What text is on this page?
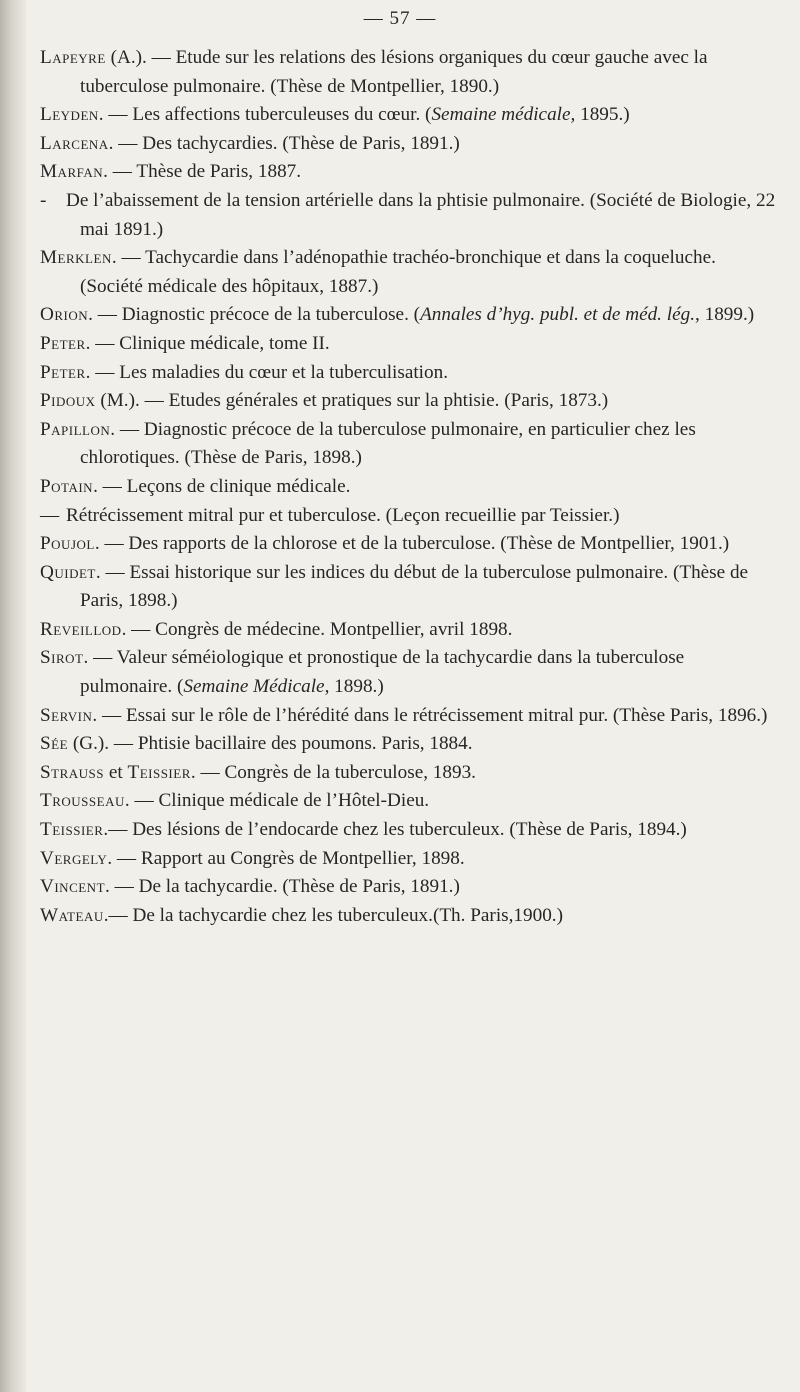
— 57 —
Lapeyre (A.). — Etude sur les relations des lésions organiques du cœur gauche avec la tuberculose pulmonaire. (Thèse de Montpellier, 1890.)
Leyden. — Les affections tuberculeuses du cœur. (Semaine médicale, 1895.)
Larcena. — Des tachycardies. (Thèse de Paris, 1891.)
Marfan. — Thèse de Paris, 1887.
- De l’abaissement de la tension artérielle dans la phtisie pulmonaire. (Société de Biologie, 22 mai 1891.)
Merklen. — Tachycardie dans l’adénopathie trachéo-bronchique et dans la coqueluche. (Société médicale des hôpitaux, 1887.)
Orion. — Diagnostic précoce de la tuberculose. (Annales d’hyg. publ. et de méd. lég., 1899.)
Peter. — Clinique médicale, tome II.
Peter. — Les maladies du cœur et la tuberculisation.
Pidoux (M.). — Etudes générales et pratiques sur la phtisie. (Paris, 1873.)
Papillon. — Diagnostic précoce de la tuberculose pulmonaire, en particulier chez les chlorotiques. (Thèse de Paris, 1898.)
Potain. — Leçons de clinique médicale.
— Rétrécissement mitral pur et tuberculose. (Leçon recueillie par Teissier.)
Poujol. — Des rapports de la chlorose et de la tuberculose. (Thèse de Montpellier, 1901.)
Quidet. — Essai historique sur les indices du début de la tuberculose pulmonaire. (Thèse de Paris, 1898.)
Reveillod. — Congrès de médecine. Montpellier, avril 1898.
Sirot. — Valeur séméiologique et pronostique de la tachycardie dans la tuberculose pulmonaire. (Semaine Médicale, 1898.)
Servin. — Essai sur le rôle de l’hérédité dans le rétrécissement mitral pur. (Thèse Paris, 1896.)
Sée (G.). — Phtisie bacillaire des poumons. Paris, 1884.
Strauss et Teissier. — Congrès de la tuberculose, 1893.
Trousseau. — Clinique médicale de l’Hôtel-Dieu.
Teissier.— Des lésions de l’endocarde chez les tuberculeux. (Thèse de Paris, 1894.)
Vergely. — Rapport au Congrès de Montpellier, 1898.
Vincent. — De la tachycardie. (Thèse de Paris, 1891.)
Wateau.— De la tachycardie chez les tuberculeux.(Th. Paris,1900.)
